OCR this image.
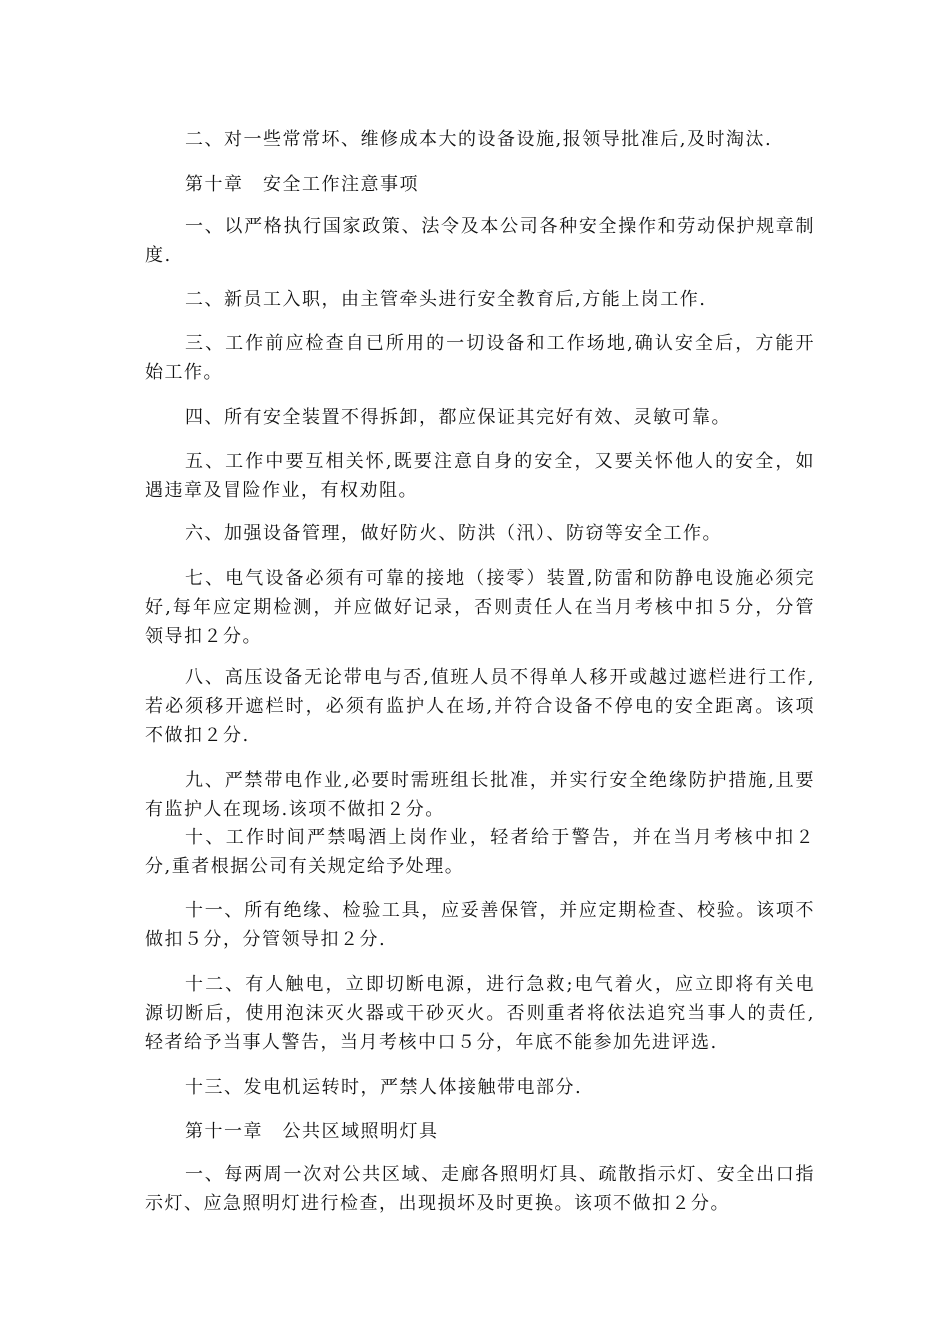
二、对一些常常坏、维修成本大的设备设施,报领导批准后,及时淘汰.

第十章　安全工作注意事项

一、以严格执行国家政策、法令及本公司各种安全操作和劳动保护规章制度.

二、新员工入职，由主管牵头进行安全教育后,方能上岗工作.

三、工作前应检查自已所用的一切设备和工作场地,确认安全后，方能开始工作。

四、所有安全装置不得拆卸，都应保证其完好有效、灵敏可靠。

五、工作中要互相关怀,既要注意自身的安全，又要关怀他人的安全，如遇违章及冒险作业，有权劝阻。

六、加强设备管理，做好防火、防洪（汛）、防窃等安全工作。

七、电气设备必须有可靠的接地（接零）装置,防雷和防静电设施必须完好,每年应定期检测，并应做好记录，否则责任人在当月考核中扣５分，分管领导扣２分。

八、高压设备无论带电与否,值班人员不得单人移开或越过遮栏进行工作,若必须移开遮栏时，必须有监护人在场,并符合设备不停电的安全距离。该项不做扣２分.

九、严禁带电作业,必要时需班组长批准，并实行安全绝缘防护措施,且要有监护人在现场.该项不做扣２分。

十、工作时间严禁喝酒上岗作业，轻者给于警告，并在当月考核中扣２分,重者根据公司有关规定给予处理。

十一、所有绝缘、检验工具，应妥善保管，并应定期检查、校验。该项不做扣５分，分管领导扣２分.

十二、有人触电，立即切断电源，进行急救;电气着火，应立即将有关电源切断后，使用泡沫灭火器或干砂灭火。否则重者将依法追究当事人的责任,轻者给予当事人警告，当月考核中口５分，年底不能参加先进评选.

十三、发电机运转时，严禁人体接触带电部分.

第十一章　公共区域照明灯具

一、每两周一次对公共区域、走廊各照明灯具、疏散指示灯、安全出口指示灯、应急照明灯进行检查，出现损坏及时更换。该项不做扣２分。
